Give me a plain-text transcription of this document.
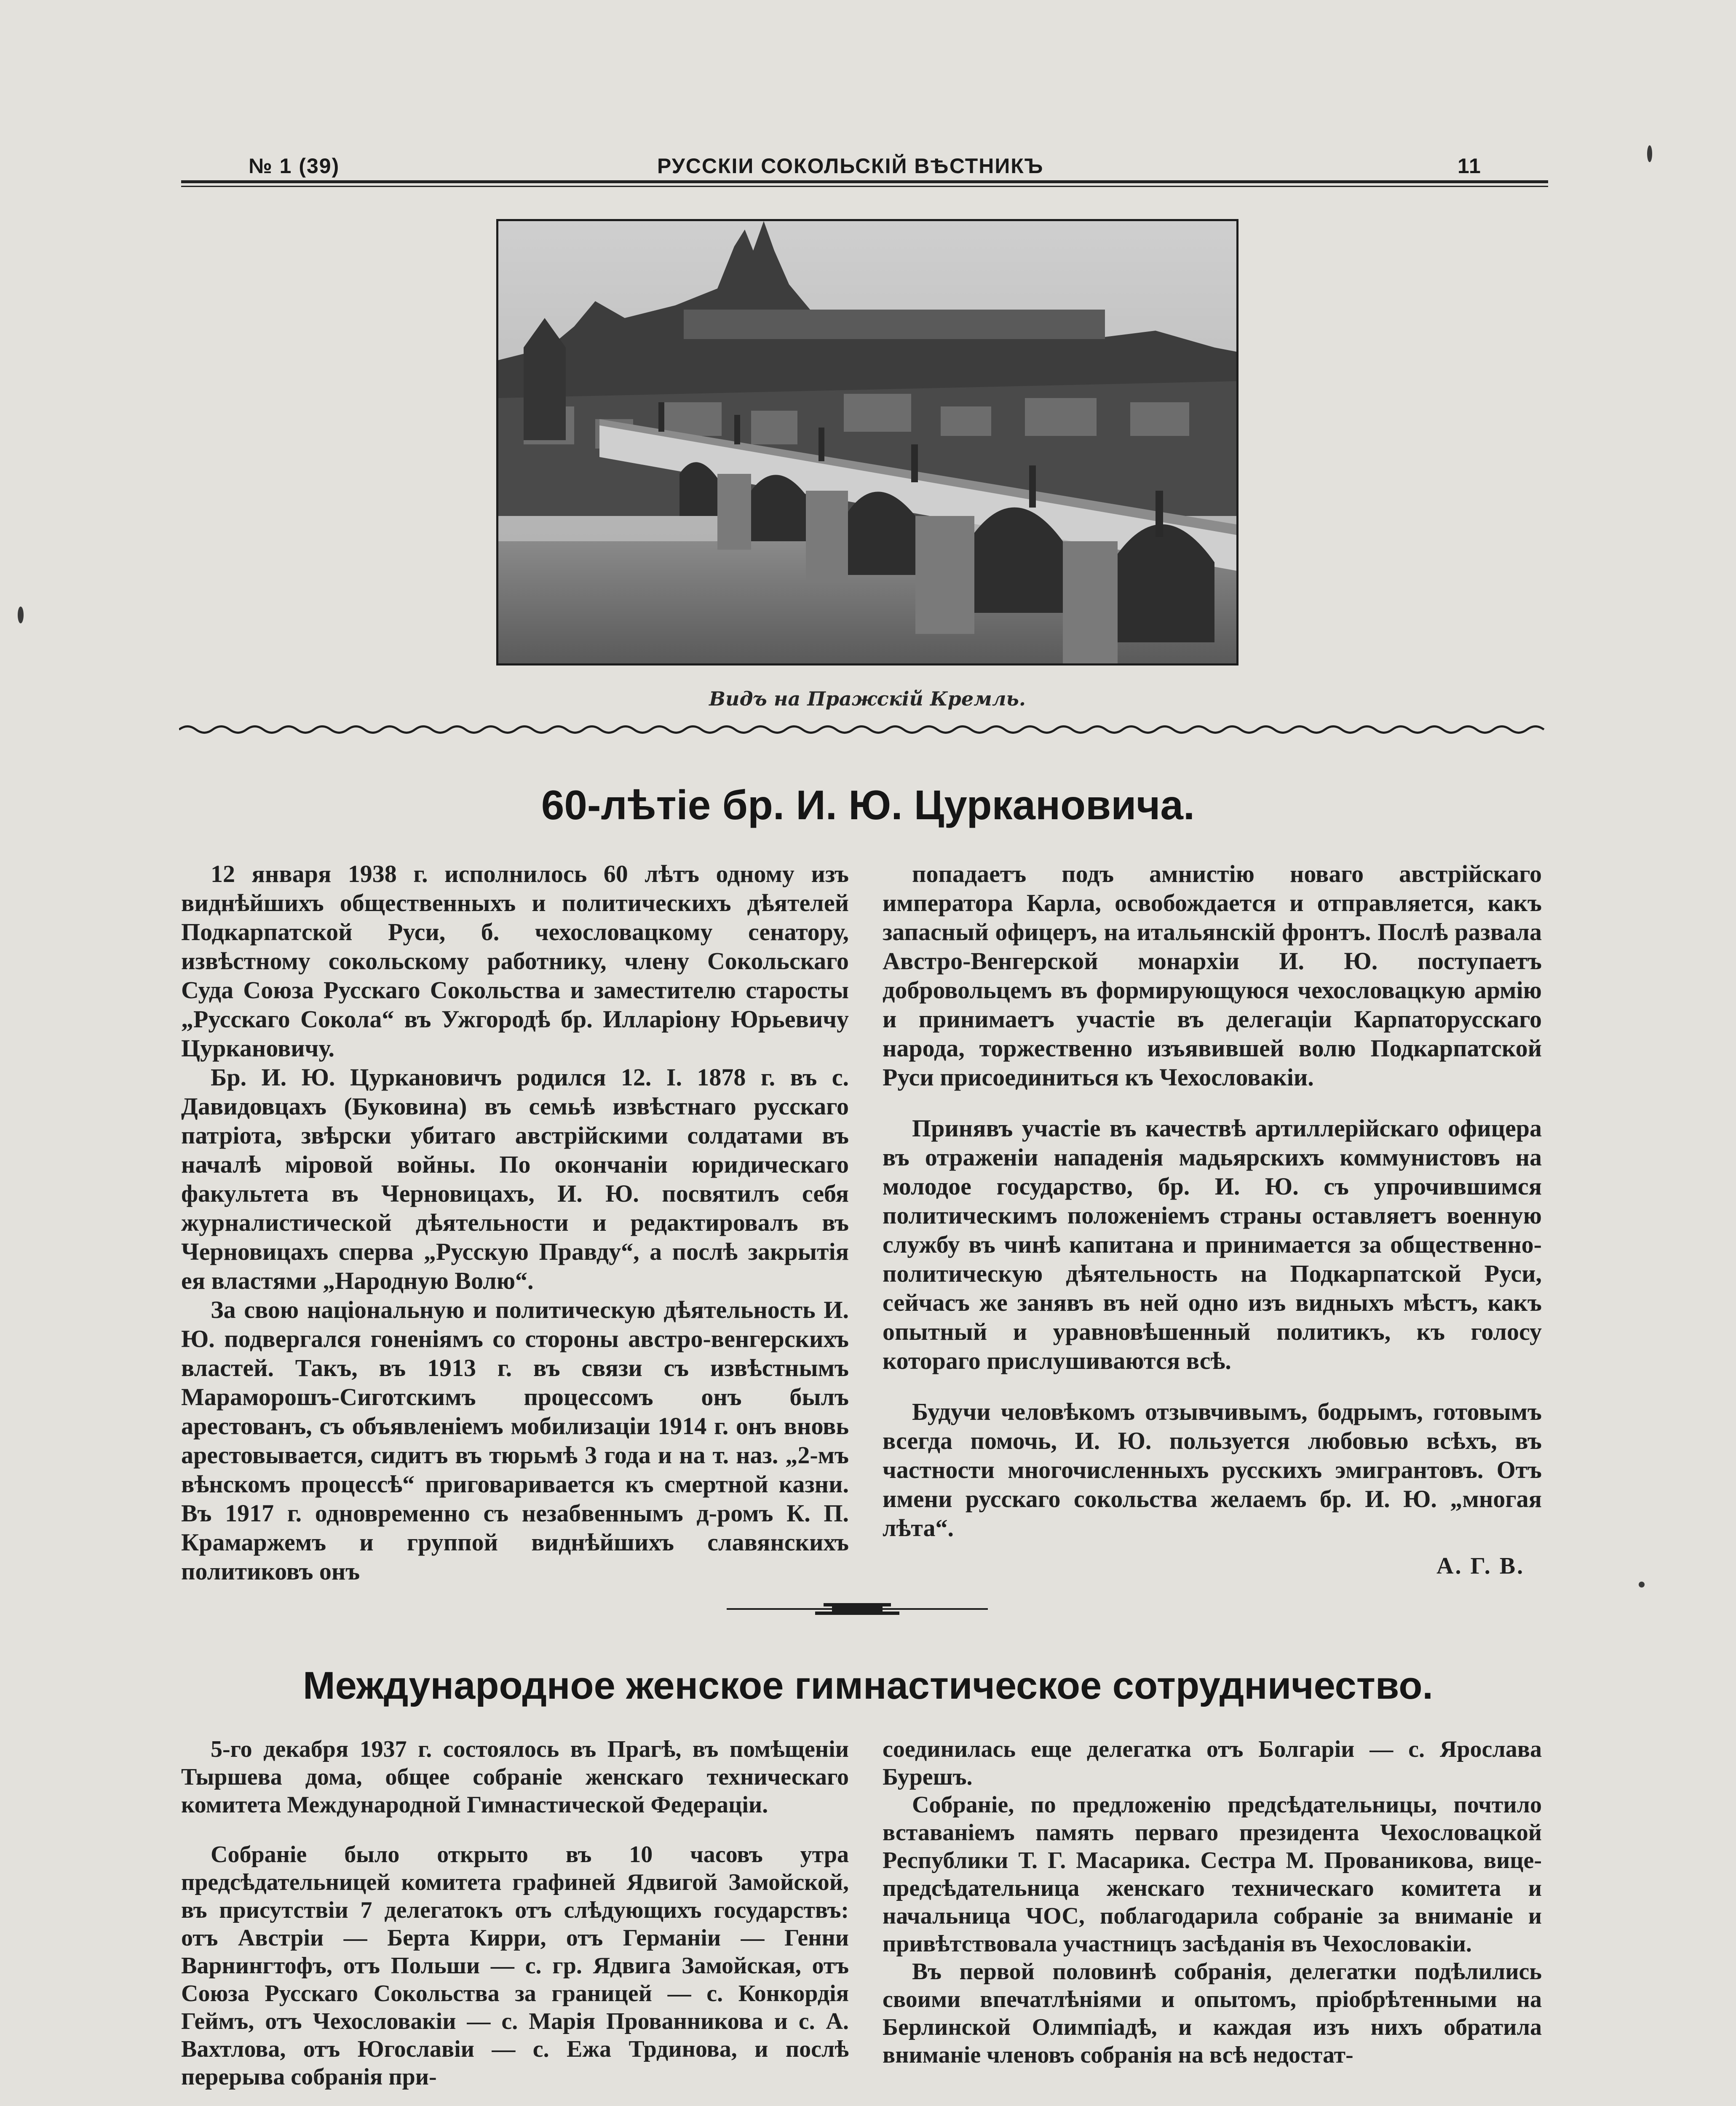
№ 1 (39)	РУССКІИ СОКОЛЬСКІЙ ВѢСТНИКЪ	11
Видъ на Пражскій Кремль.
60-лѣтіе бр. И. Ю. Цуркановича.

12 января 1938 г. исполнилось 60 лѣтъ одному изъ виднѣйшихъ общественныхъ и политическихъ дѣятелей Подкарпатской Руси, б. чехословацкому сенатору, извѣстному сокольскому работнику, члену Сокольскаго Суда Союза Русскаго Сокольства и заместителю старосты „Русскаго Сокола“ въ Ужгородѣ бр. Илларіону Юрьевичу Цуркановичу.

Бр. И. Ю. Цуркановичъ родился 12. I. 1878 г. въ с. Давидовцахъ (Буковина) въ семьѣ извѣстнаго русскаго патріота, звѣрски убитаго австрійскими солдатами въ началѣ міровой войны. По окончаніи юридическаго факультета въ Черновицахъ, И. Ю. посвятилъ себя журналистической дѣятельности и редактировалъ въ Черновицахъ сперва „Русскую Правду“, а послѣ закрытія ея властями „Народную Волю“.

За свою національную и политическую дѣятельность И. Ю. подвергался гоненіямъ со стороны австро-венгерскихъ властей. Такъ, въ 1913 г. въ связи съ извѣстнымъ Мараморошъ-Сиготскимъ процессомъ онъ былъ арестованъ, съ объявленіемъ мобилизаціи 1914 г. онъ вновь арестовывается, сидитъ въ тюрьмѣ 3 года и на т. наз. „2-мъ вѣнскомъ процессѣ“ приговаривается къ смертной казни. Въ 1917 г. одновременно съ незабвеннымъ д-ромъ К. П. Крамаржемъ и группой виднѣйшихъ славянскихъ политиковъ онъ

попадаетъ подъ амнистію новаго австрійскаго императора Карла, освобождается и отправляется, какъ запасный офицеръ, на итальянскій фронтъ. Послѣ развала Австро-Венгерской монархіи И. Ю. поступаетъ добровольцемъ въ формирующуюся чехословацкую армію и принимаетъ участіе въ делегаціи Карпаторусскаго народа, торжественно изъявившей волю Подкарпатской Руси присоединиться къ Чехословакіи.

Принявъ участіе въ качествѣ артиллерійскаго офицера въ отраженіи нападенія мадьярскихъ коммунистовъ на молодое государство, бр. И. Ю. съ упрочившимся политическимъ положеніемъ страны оставляетъ военную службу въ чинѣ капитана и принимается за общественно-политическую дѣятельность на Подкарпатской Руси, сейчасъ же занявъ въ ней одно изъ видныхъ мѣстъ, какъ опытный и уравновѣшенный политикъ, къ голосу котораго прислушиваются всѣ.

Будучи человѣкомъ отзывчивымъ, бодрымъ, готовымъ всегда помочь, И. Ю. пользуется любовью всѣхъ, въ частности многочисленныхъ русскихъ эмигрантовъ. Отъ имени русскаго сокольства желаемъ бр. И. Ю. „многая лѣта“.

А. Г. В.
Международное женское гимнастическое сотрудничество.

5-го декабря 1937 г. состоялось въ Прагѣ, въ помѣщеніи Тыршева дома, общее собраніе женскаго техническаго комитета Международной Гимнастической Федераціи.

Собраніе было открыто въ 10 часовъ утра предсѣдательницей комитета графиней Ядвигой Замойской, въ присутствіи 7 делегатокъ отъ слѣдующихъ государствъ: отъ Австріи — Берта Кирри, отъ Германіи — Генни Варнингтофъ, отъ Польши — с. гр. Ядвига Замойская, отъ Союза Русскаго Сокольства за границей — с. Конкордія Геймъ, отъ Чехословакіи — с. Марія Прованникова и с. А. Вахтлова, отъ Югославіи — с. Ежа Трдинова, и послѣ перерыва собранія при-

соединилась еще делегатка отъ Болгаріи — с. Ярослава Бурешъ.

Собраніе, по предложенію предсѣдательницы, почтило вставаніемъ память перваго президента Чехословацкой Республики Т. Г. Масарика. Сестра М. Прованикова, вице-предсѣдательница женскаго техническаго комитета и начальница ЧОС, поблагодарила собраніе за вниманіе и привѣтствовала участницъ засѣданія въ Чехословакіи.

Въ первой половинѣ собранія, делегатки подѣлились своими впечатлѣніями и опытомъ, пріобрѣтенными на Берлинской Олимпіадѣ, и каждая изъ нихъ обратила вниманіе членовъ собранія на всѣ недостат-
